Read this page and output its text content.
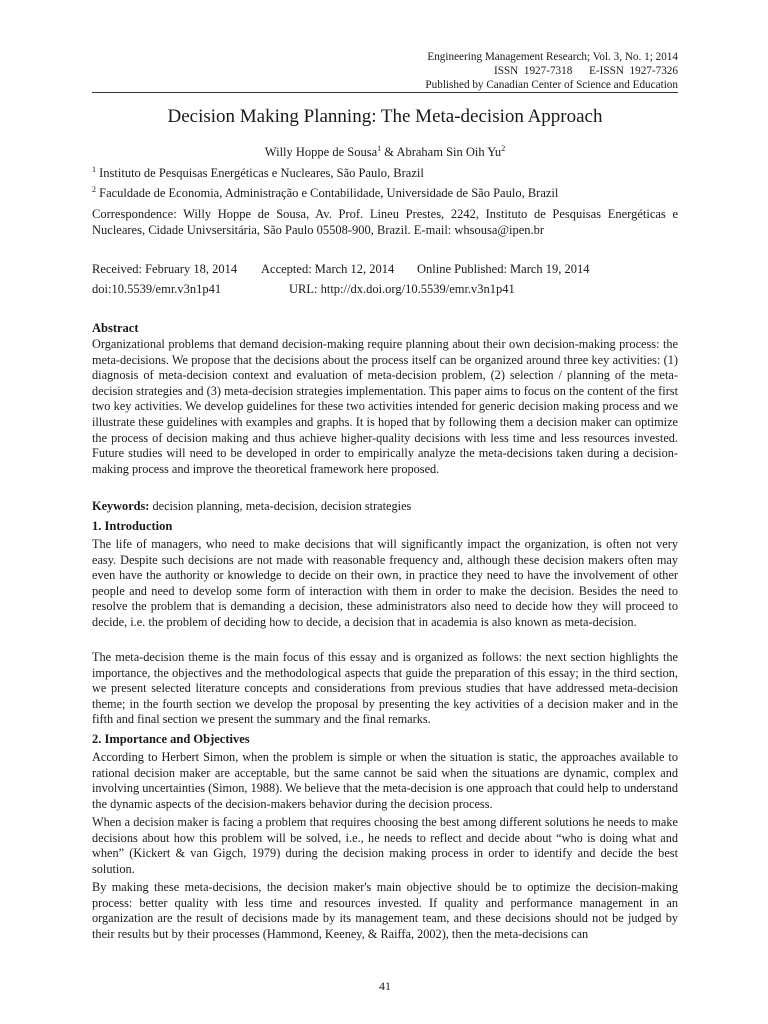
Engineering Management Research; Vol. 3, No. 1; 2014
ISSN  1927-7318      E-ISSN  1927-7326
Published by Canadian Center of Science and Education
Decision Making Planning: The Meta-decision Approach
Willy Hoppe de Sousa$^1$ & Abraham Sin Oih Yu$^2$
$^1$ Instituto de Pesquisas Energéticas e Nucleares, São Paulo, Brazil
$^2$ Faculdade de Economia, Administração e Contabilidade, Universidade de São Paulo, Brazil
Correspondence: Willy Hoppe de Sousa, Av. Prof. Lineu Prestes, 2242, Instituto de Pesquisas Energéticas e Nucleares, Cidade Univsersitária, São Paulo 05508-900, Brazil. E-mail: whsousa@ipen.br
Received: February 18, 2014 Accepted: March 12, 2014 Online Published: March 19, 2014
doi:10.5539/emr.v3n1p41	URL: http://dx.doi.org/10.5539/emr.v3n1p41
Abstract
Organizational problems that demand decision-making require planning about their own decision-making process: the meta-decisions. We propose that the decisions about the process itself can be organized around three key activities: (1) diagnosis of meta-decision context and evaluation of meta-decision problem, (2) selection / planning of the meta-decision strategies and (3) meta-decision strategies implementation. This paper aims to focus on the content of the first two key activities. We develop guidelines for these two activities intended for generic decision making process and we illustrate these guidelines with examples and graphs. It is hoped that by following them a decision maker can optimize the process of decision making and thus achieve higher-quality decisions with less time and less resources invested. Future studies will need to be developed in order to empirically analyze the meta-decisions taken during a decision-making process and improve the theoretical framework here proposed.
Keywords: decision planning, meta-decision, decision strategies
1. Introduction
The life of managers, who need to make decisions that will significantly impact the organization, is often not very easy. Despite such decisions are not made with reasonable frequency and, although these decision makers often may even have the authority or knowledge to decide on their own, in practice they need to have the involvement of other people and need to develop some form of interaction with them in order to make the decision. Besides the need to resolve the problem that is demanding a decision, these administrators also need to decide how they will proceed to decide, i.e. the problem of deciding how to decide, a decision that in academia is also known as meta-decision.
The meta-decision theme is the main focus of this essay and is organized as follows: the next section highlights the importance, the objectives and the methodological aspects that guide the preparation of this essay; in the third section, we present selected literature concepts and considerations from previous studies that have addressed meta-decision theme; in the fourth section we develop the proposal by presenting the key activities of a decision maker and in the fifth and final section we present the summary and the final remarks.
2. Importance and Objectives
According to Herbert Simon, when the problem is simple or when the situation is static, the approaches available to rational decision maker are acceptable, but the same cannot be said when the situations are dynamic, complex and involving uncertainties (Simon, 1988). We believe that the meta-decision is one approach that could help to understand the dynamic aspects of the decision-makers behavior during the decision process.
When a decision maker is facing a problem that requires choosing the best among different solutions he needs to make decisions about how this problem will be solved, i.e., he needs to reflect and decide about “who is doing what and when” (Kickert & van Gigch, 1979) during the decision making process in order to identify and decide the best solution.
By making these meta-decisions, the decision maker's main objective should be to optimize the decision-making process: better quality with less time and resources invested. If quality and performance management in an organization are the result of decisions made by its management team, and these decisions should not be judged by their results but by their processes (Hammond, Keeney, & Raiffa, 2002), then the meta-decisions can
41
